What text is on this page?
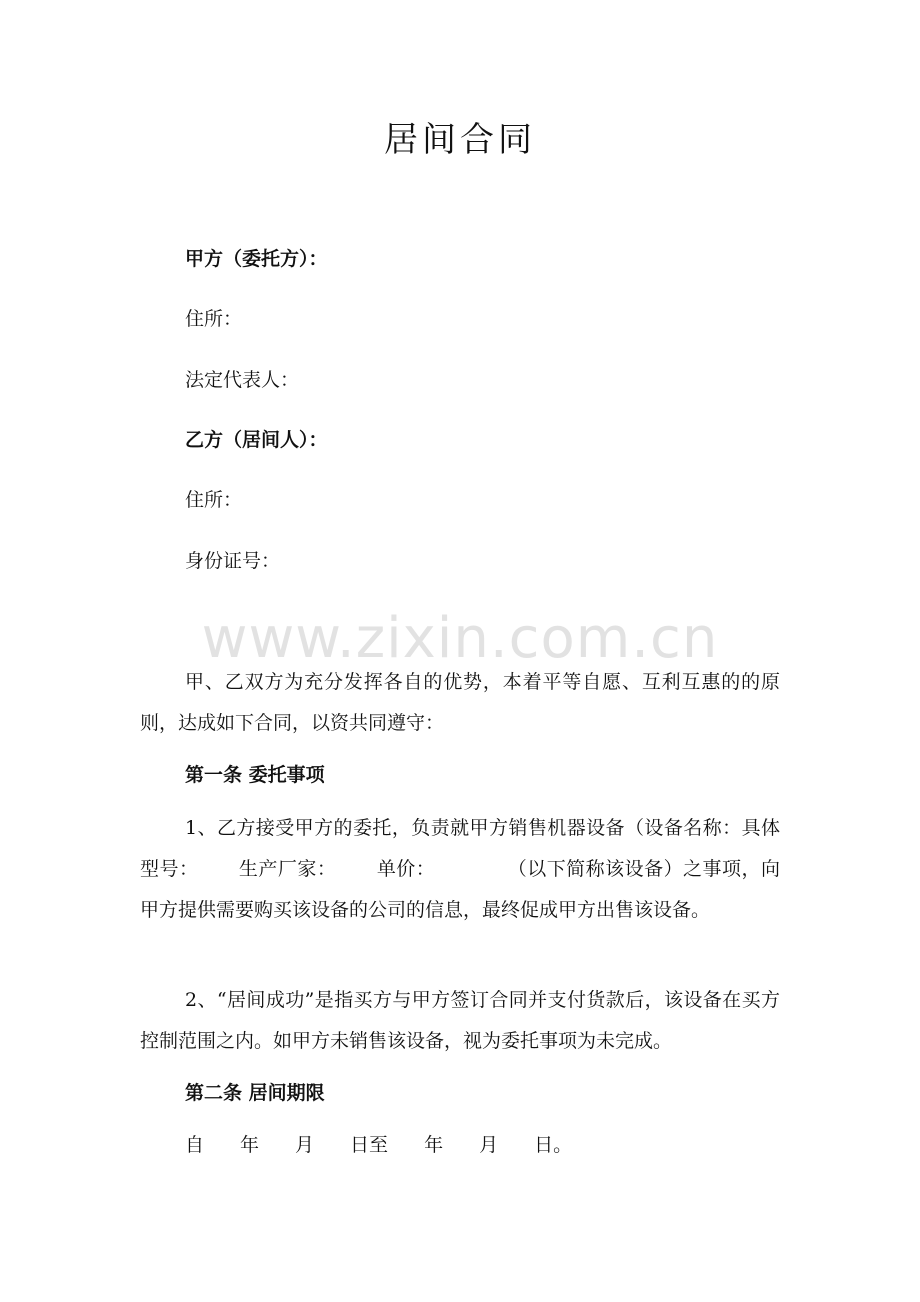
居间合同
甲方（委托方）：
住所：
法定代表人：
乙方（居间人）：
住所：
身份证号：
www.zixin.com.cn
甲、乙双方为充分发挥各自的优势，本着平等自愿、互利互惠的的原则，达成如下合同，以资共同遵守：
第一条 委托事项
1、乙方接受甲方的委托，负责就甲方销售机器设备（设备名称：具体型号： 生产厂家： 单价：	（以下简称该设备）之事项，向甲方提供需要购买该设备的公司的信息，最终促成甲方出售该设备。
2、“居间成功”是指买方与甲方签订合同并支付货款后，该设备在买方控制范围之内。如甲方未销售该设备，视为委托事项为未完成。
第二条 居间期限
自 年 月 日至 年 月 日。
